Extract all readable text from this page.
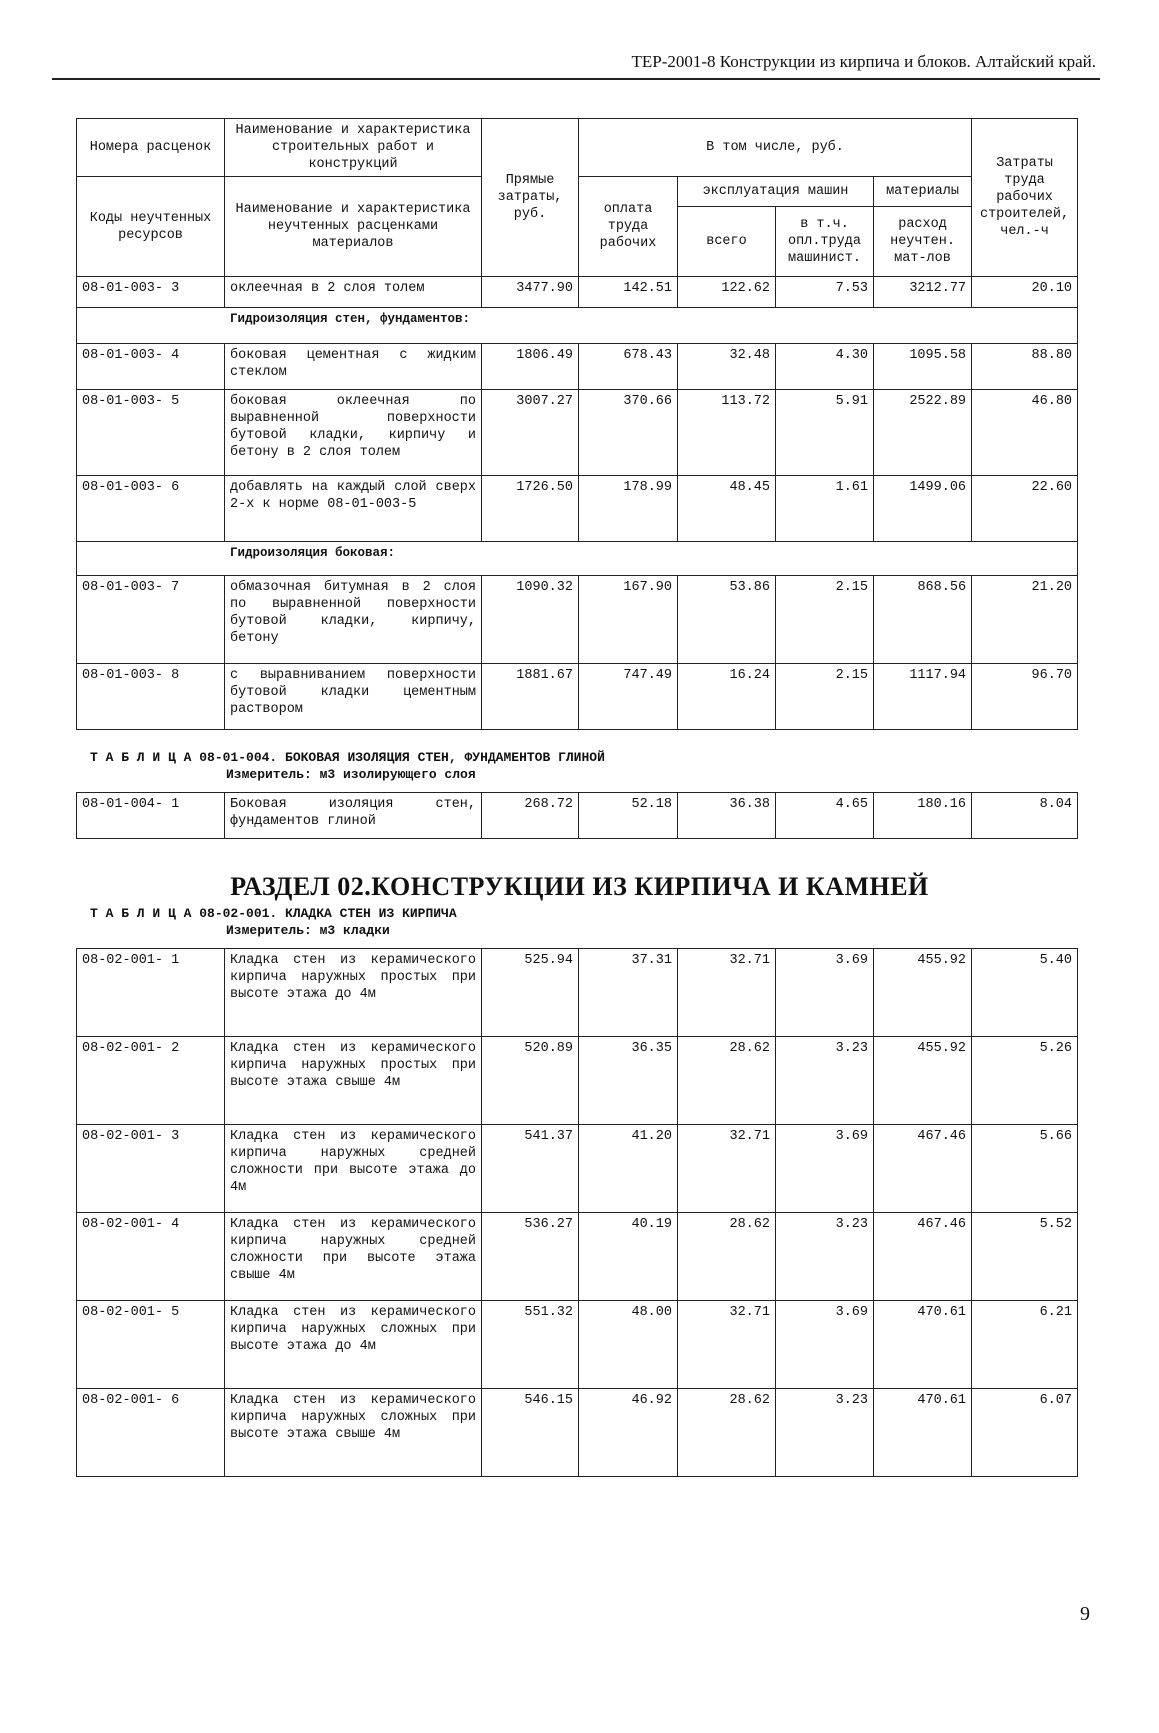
ТЕР-2001-8 Конструкции из кирпича и блоков. Алтайский край.
Номера расценок	Наименование и характеристика строительных работ и конструкций	Прямые затраты, руб.	В том числе, руб.				Затраты труда рабочих строителей, чел.-ч
Коды неучтенных ресурсов	Наименование и характеристика неучтенных расценками материалов		оплата труда рабочих	эксплуатация машин		материалы	
				всего	в т.ч. опл.труда машинист.	расход неучтен. мат-лов	
08-01-003- 3	оклеечная в 2 слоя толем	3477.90	142.51	122.62	7.53	3212.77	20.10
Гидроизоляция стен, фундаментов:							
08-01-003- 4	боковая цементная с жидким стеклом	1806.49	678.43	32.48	4.30	1095.58	88.80
08-01-003- 5	боковая оклеечная по выравненной поверхности бутовой кладки, кирпичу и бетону в 2 слоя толем	3007.27	370.66	113.72	5.91	2522.89	46.80
08-01-003- 6	добавлять на каждый слой сверх 2-х к норме 08-01-003-5	1726.50	178.99	48.45	1.61	1499.06	22.60
Гидроизоляция боковая:							
08-01-003- 7	обмазочная битумная в 2 слоя по выравненной поверхности бутовой кладки, кирпичу, бетону	1090.32	167.90	53.86	2.15	868.56	21.20
08-01-003- 8	с выравниванием поверхности бутовой кладки цементным раствором	1881.67	747.49	16.24	2.15	1117.94	96.70
Т А Б Л И Ц А 08-01-004. БОКОВАЯ ИЗОЛЯЦИЯ СТЕН, ФУНДАМЕНТОВ ГЛИНОЙ
Измеритель: м3 изолирующего слоя
08-01-004- 1	Боковая изоляция стен, фундаментов глиной	268.72	52.18	36.38	4.65	180.16	8.04
РАЗДЕЛ 02.КОНСТРУКЦИИ ИЗ КИРПИЧА И КАМНЕЙ
Т А Б Л И Ц А 08-02-001. КЛАДКА СТЕН ИЗ КИРПИЧА
Измеритель: м3 кладки
08-02-001- 1	Кладка стен из керамического кирпича наружных простых при высоте этажа до 4м	525.94	37.31	32.71	3.69	455.92	5.40
08-02-001- 2	Кладка стен из керамического кирпича наружных простых при высоте этажа свыше 4м	520.89	36.35	28.62	3.23	455.92	5.26
08-02-001- 3	Кладка стен из керамического кирпича наружных средней сложности при высоте этажа до 4м	541.37	41.20	32.71	3.69	467.46	5.66
08-02-001- 4	Кладка стен из керамического кирпича наружных средней сложности при высоте этажа свыше 4м	536.27	40.19	28.62	3.23	467.46	5.52
08-02-001- 5	Кладка стен из керамического кирпича наружных сложных при высоте этажа до 4м	551.32	48.00	32.71	3.69	470.61	6.21
08-02-001- 6	Кладка стен из керамического кирпича наружных сложных при высоте этажа свыше 4м	546.15	46.92	28.62	3.23	470.61	6.07
9
